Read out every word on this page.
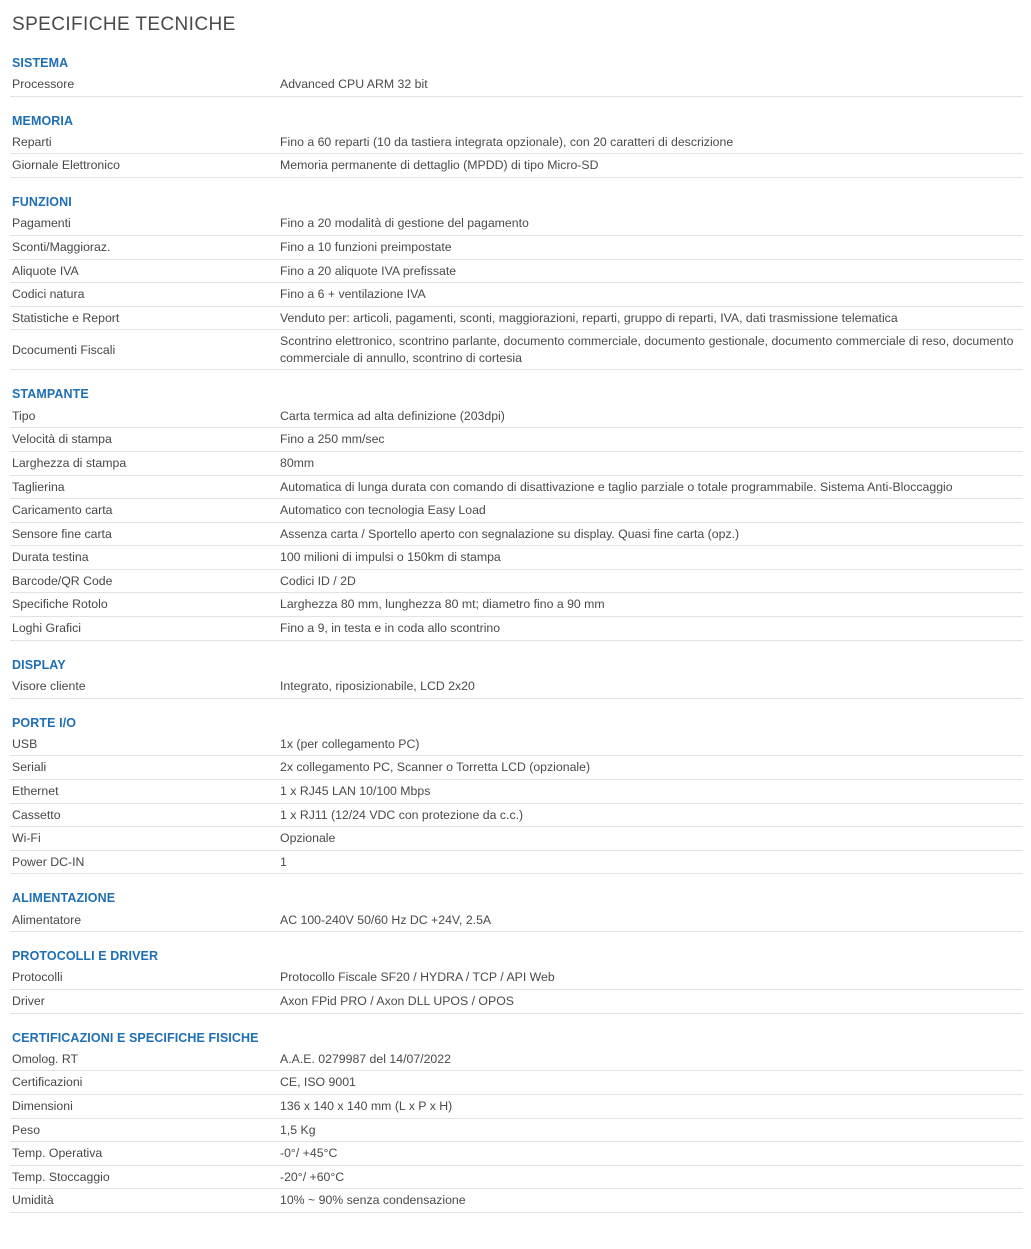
SPECIFICHE TECNICHE
SISTEMA
Processore	Advanced CPU ARM 32 bit
MEMORIA
Reparti	Fino a 60 reparti (10 da tastiera integrata opzionale), con 20 caratteri di descrizione
Giornale Elettronico	Memoria permanente di dettaglio (MPDD) di tipo Micro-SD
FUNZIONI
Pagamenti	Fino a 20 modalità di gestione del pagamento
Sconti/Maggioraz.	Fino a 10 funzioni preimpostate
Aliquote IVA	Fino a 20 aliquote IVA prefissate
Codici natura	Fino a 6 + ventilazione IVA
Statistiche e Report	Venduto per: articoli, pagamenti, sconti, maggiorazioni, reparti, gruppo di reparti, IVA, dati trasmissione telematica
Dcocumenti Fiscali	Scontrino elettronico, scontrino parlante, documento commerciale, documento gestionale, documento commerciale di reso, documento commerciale di annullo, scontrino di cortesia
STAMPANTE
Tipo	Carta termica ad alta definizione (203dpi)
Velocità di stampa	Fino a 250 mm/sec
Larghezza di stampa	80mm
Taglierina	Automatica di lunga durata con comando di disattivazione e taglio parziale o totale programmabile. Sistema Anti-Bloccaggio
Caricamento carta	Automatico con tecnologia Easy Load
Sensore fine carta	Assenza carta / Sportello aperto con segnalazione su display. Quasi fine carta (opz.)
Durata testina	100 milioni di impulsi o 150km di stampa
Barcode/QR Code	Codici ID / 2D
Specifiche Rotolo	Larghezza 80 mm, lunghezza 80 mt; diametro fino a 90 mm
Loghi Grafici	Fino a 9, in testa e in coda allo scontrino
DISPLAY
Visore cliente	Integrato, riposizionabile, LCD 2x20
PORTE I/O
USB	1x (per collegamento PC)
Seriali	2x collegamento PC, Scanner o Torretta LCD (opzionale)
Ethernet	1 x RJ45 LAN 10/100 Mbps
Cassetto	1 x RJ11 (12/24 VDC con protezione da c.c.)
Wi-Fi	Opzionale
Power DC-IN	1
ALIMENTAZIONE
Alimentatore	AC 100-240V 50/60 Hz DC +24V, 2.5A
PROTOCOLLI E DRIVER
Protocolli	Protocollo Fiscale SF20 / HYDRA / TCP / API Web
Driver	Axon FPid PRO / Axon DLL UPOS / OPOS
CERTIFICAZIONI E SPECIFICHE FISICHE
Omolog. RT	A.A.E. 0279987 del 14/07/2022
Certificazioni	CE, ISO 9001
Dimensioni	136 x 140 x 140 mm (L x P x H)
Peso	1,5 Kg
Temp. Operativa	-0°/ +45°C
Temp. Stoccaggio	-20°/ +60°C
Umidità	10% ~ 90% senza condensazione
